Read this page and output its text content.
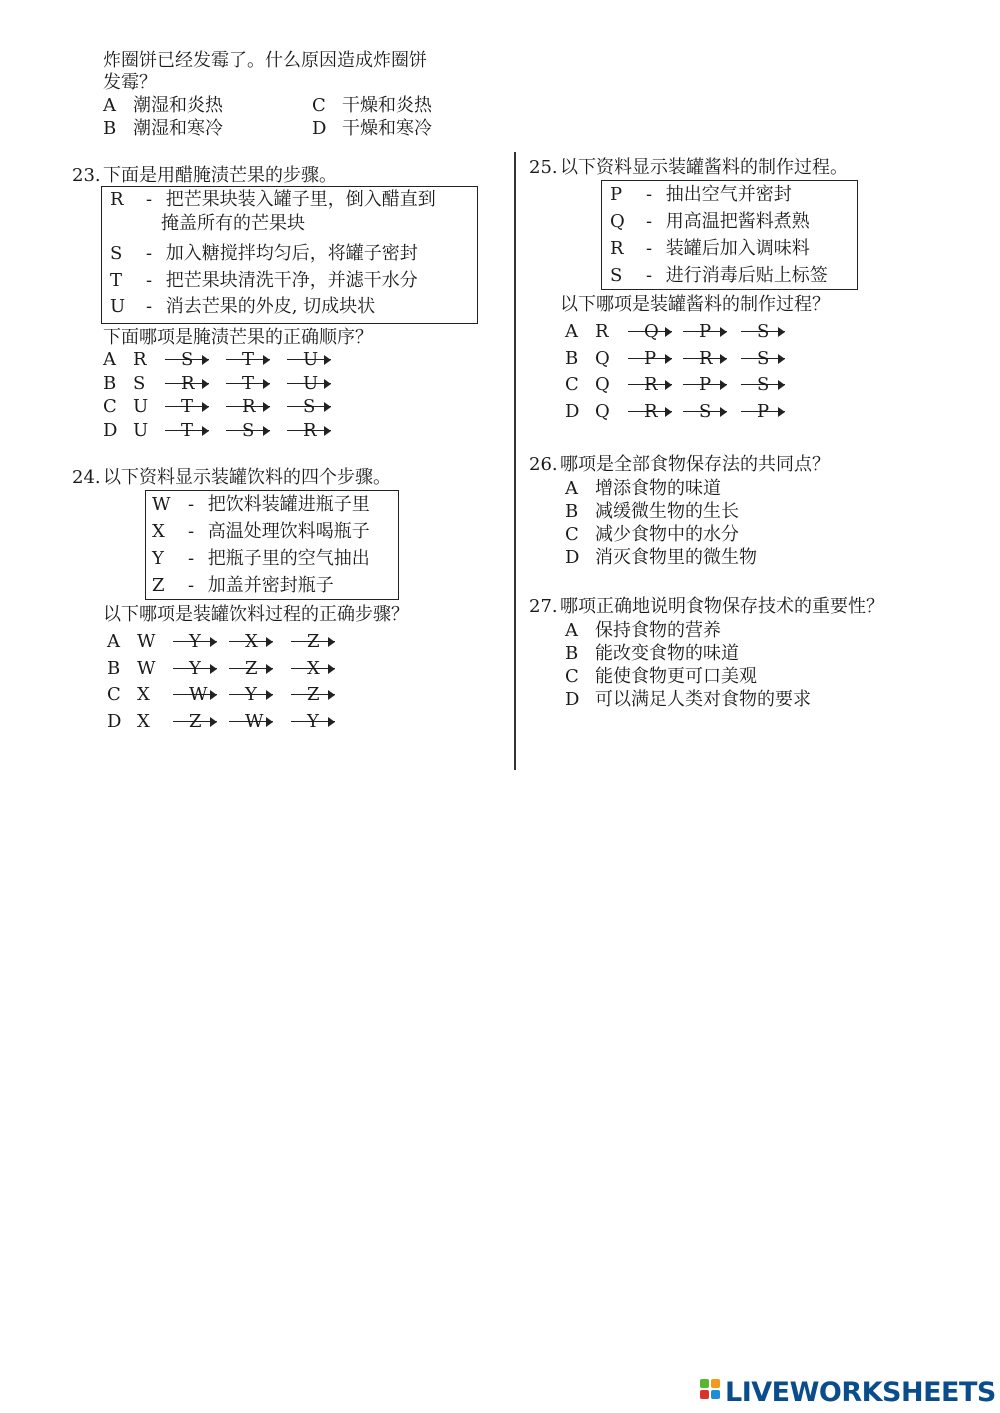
炸圈饼已经发霉了。什么原因造成炸圈饼
发霉？
A 潮湿和炎热	C 干燥和炎热
B 潮湿和寒冷	D 干燥和寒冷
23. 下面是用醋腌渍芒果的步骤。
R - 把芒果块装入罐子里，倒入醋直到
掩盖所有的芒果块
S - 加入糖搅拌均匀后，将罐子密封
T - 把芒果块清洗干净，并滤干水分
U - 消去芒果的外皮, 切成块状
下面哪项是腌渍芒果的正确顺序？
A R S	T	U
B S R	T	U
C U T	R	S
D U T	S	R
24. 以下资料显示装罐饮料的四个步骤。
W - 把饮料装罐进瓶子里
X - 高温处理饮料喝瓶子
Y - 把瓶子里的空气抽出
Z - 加盖并密封瓶子
以下哪项是装罐饮料过程的正确步骤？
A W Y X	Z
B W Y Z	X
C X W Y	Z
D X Z W Y
25. 以下资料显示装罐酱料的制作过程。
P - 抽出空气并密封
Q - 用高温把酱料煮熟
R - 装罐后加入调味料
S - 进行消毒后贴上标签
以下哪项是装罐酱料的制作过程？
A R Q P	S
B Q P R S
C Q R P	S
D Q R S	P
26. 哪项是全部食物保存法的共同点？
A 增添食物的味道
B 减缓微生物的生长
C 减少食物中的水分
D 消灭食物里的微生物
27. 哪项正确地说明食物保存技术的重要性？
A 保持食物的营养
B 能改变食物的味道
C 能使食物更可口美观
D 可以满足人类对食物的要求
LIVEWORKSHEETS
